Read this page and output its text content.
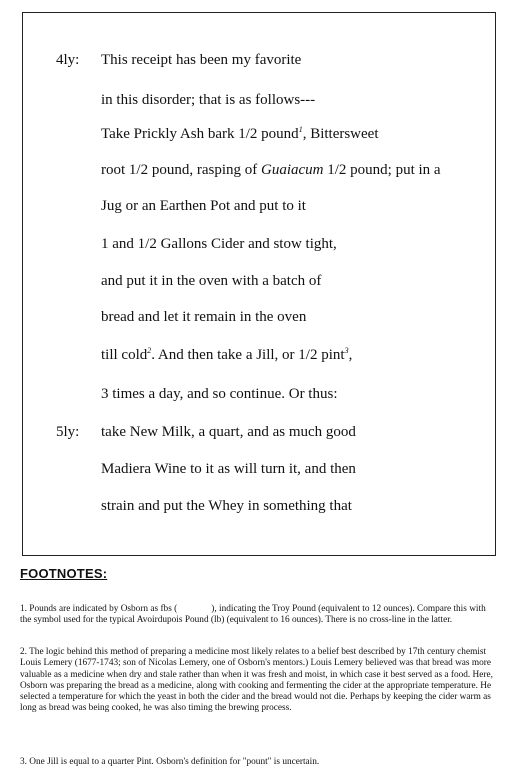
4ly: This receipt has been my favorite
in this disorder; that is as follows---
Take Prickly Ash bark 1/2 pound$^1$, Bittersweet
root 1/2 pound, rasping of Guaiacum 1/2 pound; put in a
Jug or an Earthen Pot and put to it
1 and 1/2 Gallons Cider and stow tight,
and put it in the oven with a batch of
bread and let it remain in the oven
till cold$^2$. And then take a Jill, or 1/2 pint$^3$,
3 times a day, and so continue. Or thus:
5ly: take New Milk, a quart, and as much good
Madiera Wine to it as will turn it, and then
strain and put the Whey in something that
FOOTNOTES:
1. Pounds are indicated by Osborn as fbs (	), indicating the Troy Pound (equivalent to 12 ounces). Compare this with the symbol used for the typical Avoirdupois Pound (lb) (equivalent to 16 ounces). There is no cross-line in the latter.
2. The logic behind this method of preparing a medicine most likely relates to a belief best described by 17th century chemist Louis Lemery (1677-1743; son of Nicolas Lemery, one of Osborn's mentors.) Louis Lemery believed was that bread was more valuable as a medicine when dry and stale rather than when it was fresh and moist, in which case it best served as a food. Here, Osborn was preparing the bread as a medicine, along with cooking and fermenting the cider at the appropriate temperature. He selected a temperature for which the yeast in both the cider and the bread would not die. Perhaps by keeping the cider warm as long as bread was being cooked, he was also timing the brewing process.
3. One Jill is equal to a quarter Pint. Osborn's definition for "pount" is uncertain.
